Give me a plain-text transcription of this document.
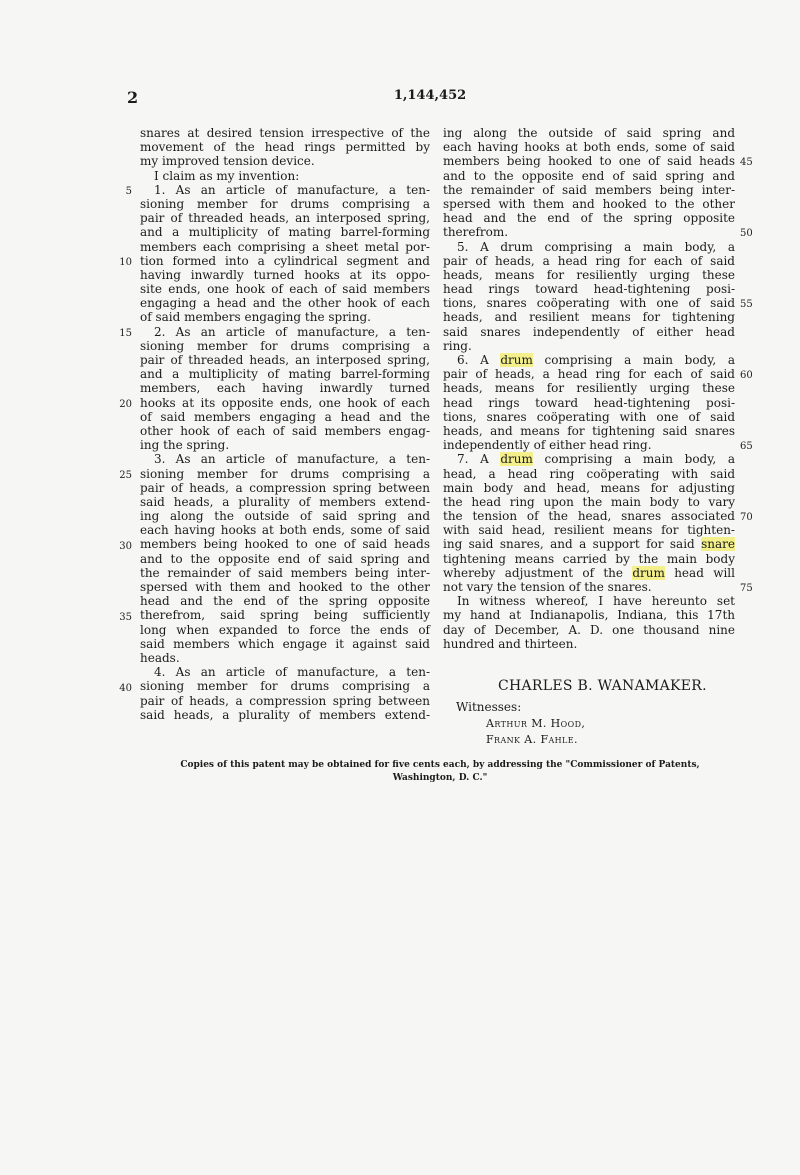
2	1,144,452
snares at desired tension irrespective of the
movement of the head rings permitted by
my improved tension device.
I claim as my invention:
1. As an article of manufacture, a ten-
sioning member for drums comprising a
pair of threaded heads, an interposed spring,
and a multiplicity of mating barrel-forming
members each comprising a sheet metal por-
tion formed into a cylindrical segment and
having inwardly turned hooks at its oppo-
site ends, one hook of each of said members
engaging a head and the other hook of each
of said members engaging the spring.
2. As an article of manufacture, a ten-
sioning member for drums comprising a
pair of threaded heads, an interposed spring,
and a multiplicity of mating barrel-forming
members, each having inwardly turned
hooks at its opposite ends, one hook of each
of said members engaging a head and the
other hook of each of said members engag-
ing the spring.
3. As an article of manufacture, a ten-
sioning member for drums comprising a
pair of heads, a compression spring between
said heads, a plurality of members extend-
ing along the outside of said spring and
each having hooks at both ends, some of said
members being hooked to one of said heads
and to the opposite end of said spring and
the remainder of said members being inter-
spersed with them and hooked to the other
head and the end of the spring opposite
therefrom, said spring being sufficiently
long when expanded to force the ends of
said members which engage it against said
heads.
4. As an article of manufacture, a ten-
sioning member for drums comprising a
pair of heads, a compression spring between
said heads, a plurality of members extend-
ing along the outside of said spring and
each having hooks at both ends, some of said
members being hooked to one of said heads
and to the opposite end of said spring and
the remainder of said members being inter-
spersed with them and hooked to the other
head and the end of the spring opposite
therefrom.
5. A drum comprising a main body, a
pair of heads, a head ring for each of said
heads, means for resiliently urging these
head rings toward head-tightening posi-
tions, snares coöperating with one of said
heads, and resilient means for tightening
said snares independently of either head
ring.
6. A drum comprising a main body, a
pair of heads, a head ring for each of said
heads, means for resiliently urging these
head rings toward head-tightening posi-
tions, snares coöperating with one of said
heads, and means for tightening said snares
independently of either head ring.
7. A drum comprising a main body, a
head, a head ring coöperating with said
main body and head, means for adjusting
the head ring upon the main body to vary
the tension of the head, snares associated
with said head, resilient means for tighten-
ing said snares, and a support for said snare
tightening means carried by the main body
whereby adjustment of the drum head will
not vary the tension of the snares.
In witness whereof, I have hereunto set
my hand at Indianapolis, Indiana, this 17th
day of December, A. D. one thousand nine
hundred and thirteen.
5
10
15
20
25
30
35
40
45
50
55
60
65
70
75
CHARLES B. WANAMAKER.
Witnesses:
Arthur M. Hood,
Frank A. Fahle.
Copies of this patent may be obtained for five cents each, by addressing the "Commissioner of Patents,
Washington, D. C."
